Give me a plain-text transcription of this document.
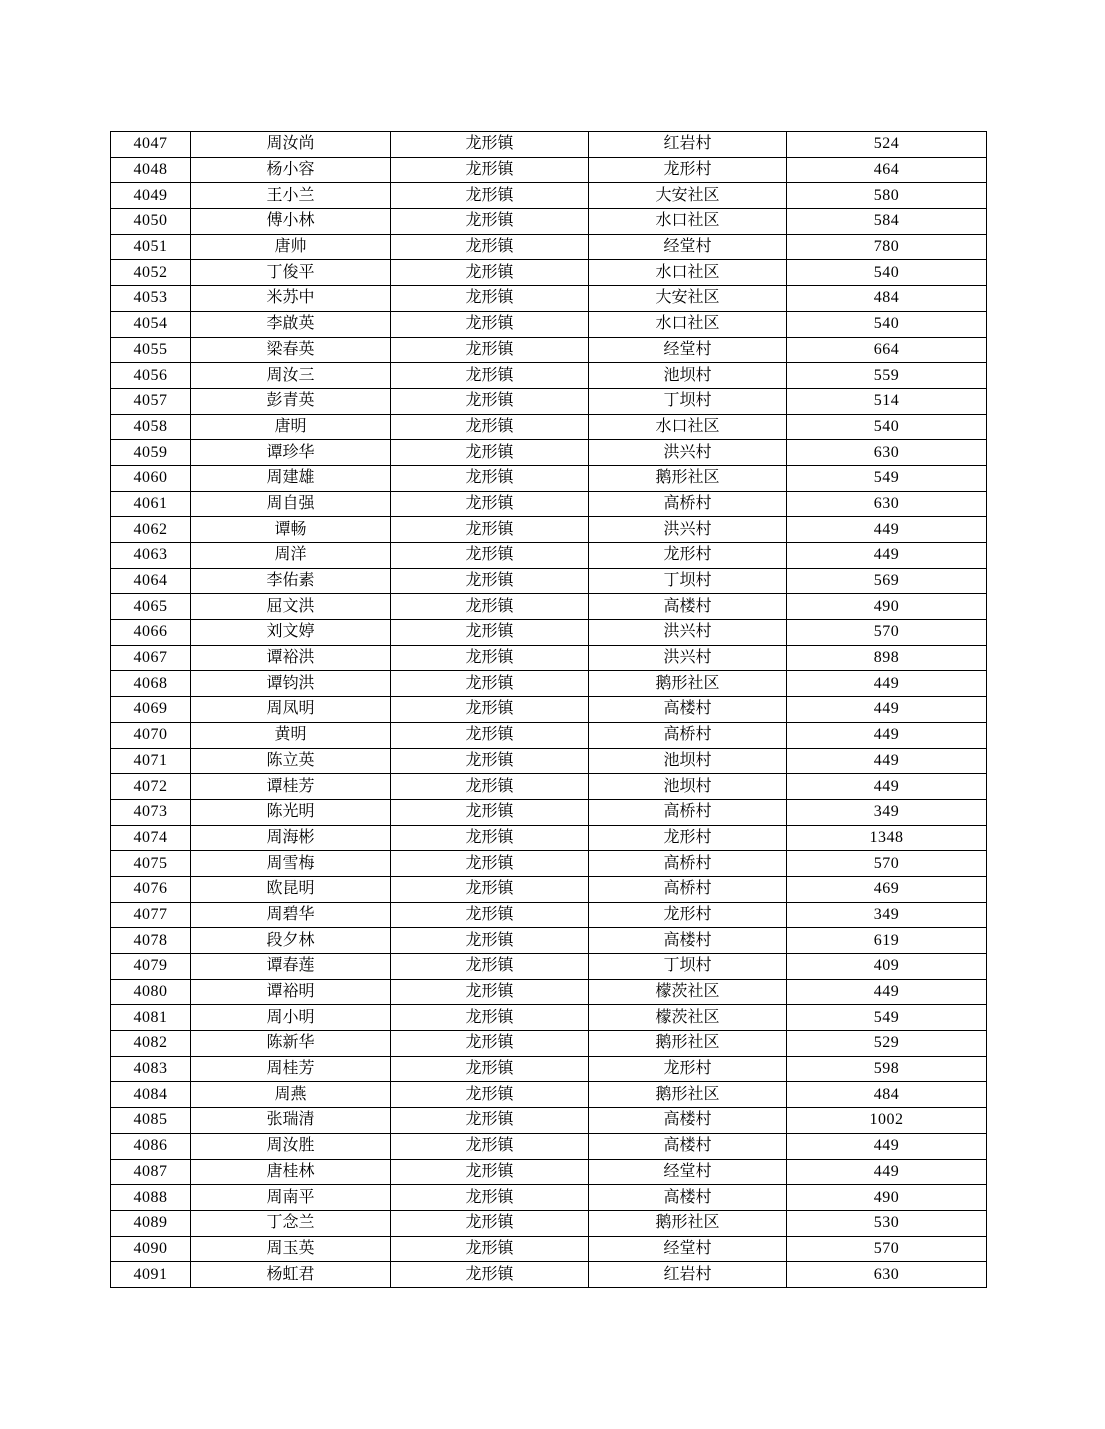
4047	周汝尚	龙形镇	红岩村	524
4048	杨小容	龙形镇	龙形村	464
4049	王小兰	龙形镇	大安社区	580
4050	傅小林	龙形镇	水口社区	584
4051	唐帅	龙形镇	经堂村	780
4052	丁俊平	龙形镇	水口社区	540
4053	米苏中	龙形镇	大安社区	484
4054	李啟英	龙形镇	水口社区	540
4055	梁春英	龙形镇	经堂村	664
4056	周汝三	龙形镇	池坝村	559
4057	彭青英	龙形镇	丁坝村	514
4058	唐明	龙形镇	水口社区	540
4059	谭珍华	龙形镇	洪兴村	630
4060	周建雄	龙形镇	鹅形社区	549
4061	周自强	龙形镇	高桥村	630
4062	谭畅	龙形镇	洪兴村	449
4063	周洋	龙形镇	龙形村	449
4064	李佑素	龙形镇	丁坝村	569
4065	屈文洪	龙形镇	高楼村	490
4066	刘文婷	龙形镇	洪兴村	570
4067	谭裕洪	龙形镇	洪兴村	898
4068	谭钧洪	龙形镇	鹅形社区	449
4069	周凤明	龙形镇	高楼村	449
4070	黄明	龙形镇	高桥村	449
4071	陈立英	龙形镇	池坝村	449
4072	谭桂芳	龙形镇	池坝村	449
4073	陈光明	龙形镇	高桥村	349
4074	周海彬	龙形镇	龙形村	1348
4075	周雪梅	龙形镇	高桥村	570
4076	欧昆明	龙形镇	高桥村	469
4077	周碧华	龙形镇	龙形村	349
4078	段夕林	龙形镇	高楼村	619
4079	谭春莲	龙形镇	丁坝村	409
4080	谭裕明	龙形镇	檬茨社区	449
4081	周小明	龙形镇	檬茨社区	549
4082	陈新华	龙形镇	鹅形社区	529
4083	周桂芳	龙形镇	龙形村	598
4084	周燕	龙形镇	鹅形社区	484
4085	张瑞清	龙形镇	高楼村	1002
4086	周汝胜	龙形镇	高楼村	449
4087	唐桂林	龙形镇	经堂村	449
4088	周南平	龙形镇	高楼村	490
4089	丁念兰	龙形镇	鹅形社区	530
4090	周玉英	龙形镇	经堂村	570
4091	杨虹君	龙形镇	红岩村	630
